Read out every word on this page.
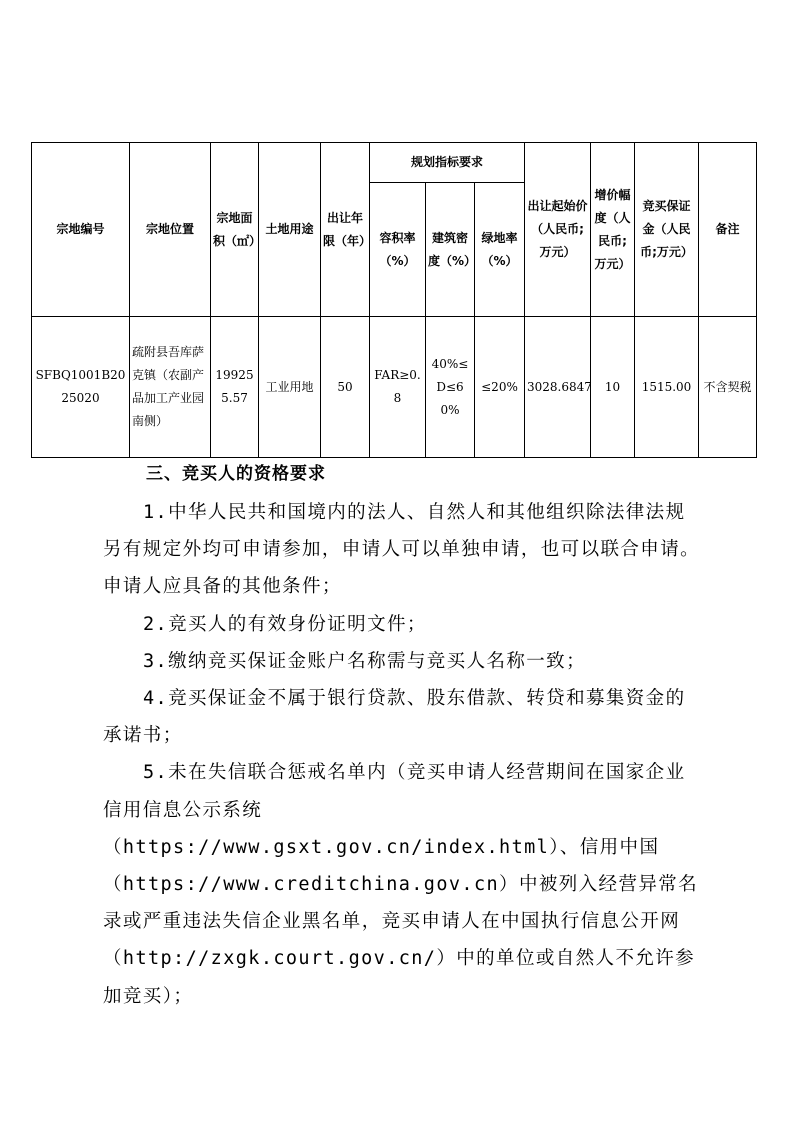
宗地编号	宗地位置	宗地面积（㎡）	土地用途	出让年限（年）	规划指标要求			出让起始价（人民币;万元）	增价幅度（人民币;万元）	竞买保证金（人民币;万元）	备注
					容积率（%）	建筑密度（%）	绿地率（%）				
SFBQ1001B2025020	疏附县吾库萨克镇（农副产品加工产业园南侧）	199255.57	工业用地	50	FAR≥0.8	40%≤D≤60%	≤20%	3028.6847	10	1515.00	不含契税
三、竞买人的资格要求

1.中华人民共和国境内的法人、自然人和其他组织除法律法规另有规定外均可申请参加，申请人可以单独申请，也可以联合申请。申请人应具备的其他条件；

2.竞买人的有效身份证明文件；

3.缴纳竞买保证金账户名称需与竞买人名称一致；

4.竞买保证金不属于银行贷款、股东借款、转贷和募集资金的承诺书；

5.未在失信联合惩戒名单内（竞买申请人经营期间在国家企业信用信息公示系统（https://www.gsxt.gov.cn/index.html）、信用中国（https://www.creditchina.gov.cn）中被列入经营异常名录或严重违法失信企业黑名单，竞买申请人在中国执行信息公开网（http://zxgk.court.gov.cn/）中的单位或自然人不允许参加竞买）；
